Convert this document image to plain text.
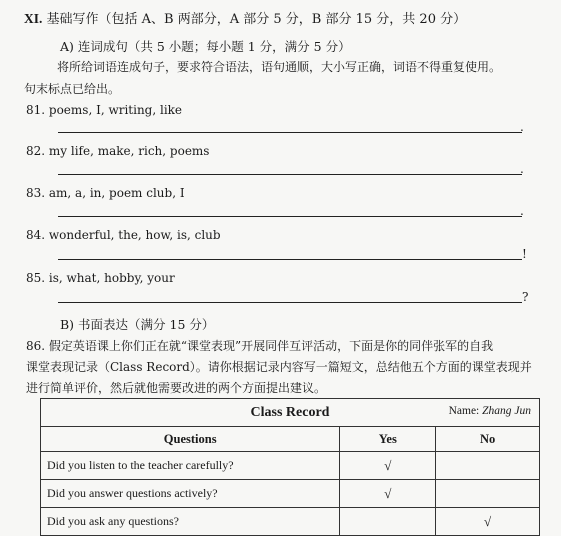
XI. 基础写作（包括 A、B 两部分，A 部分 5 分，B 部分 15 分，共 20 分）
A) 连词成句（共 5 小题；每小题 1 分，满分 5 分）
将所给词语连成句子，要求符合语法，语句通顺，大小写正确，词语不得重复使用。
句末标点已给出。
81. poems, I, writing, like
.
82. my life, make, rich, poems
.
83. am, a, in, poem club, I
.
84. wonderful, the, how, is, club
!
85. is, what, hobby, your
?
B) 书面表达（满分 15 分）
86. 假定英语课上你们正在就“课堂表现”开展同伴互评活动，下面是你的同伴张军的自我
课堂表现记录（Class Record）。请你根据记录内容写一篇短文，总结他五个方面的课堂表现并
进行简单评价，然后就他需要改进的两个方面提出建议。
Class Record Name: Zhang Jun		

Questions	Yes	No
Did you listen to the teacher carefully?	√	
Did you answer questions actively?	√	
Did you ask any questions?		√
